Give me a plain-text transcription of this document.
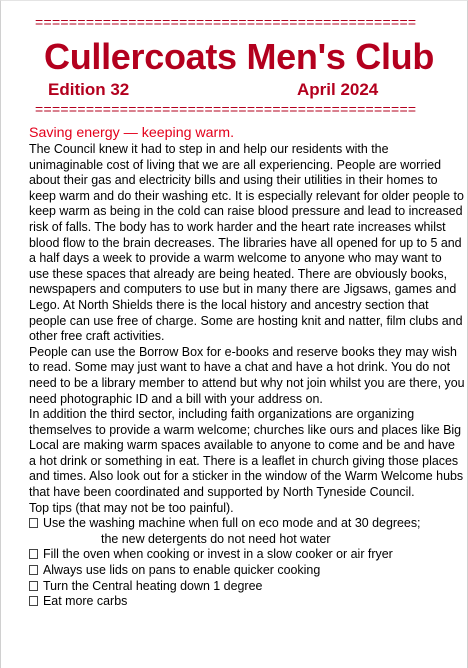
=============================================
Cullercoats Men's Club
Edition 32	April 2024
=============================================

Saving energy — keeping warm.

The Council knew it had to step in and help our residents with the unimaginable cost of living that we are all experiencing. People are worried about their gas and electricity bills and using their utilities in their homes to keep warm and do their washing etc. It is especially relevant for older people to keep warm as being in the cold can raise blood pressure and lead to increased risk of falls. The body has to work harder and the heart rate increases whilst blood flow to the brain decreases. The libraries have all opened for up to 5 and a half days a week to provide a warm welcome to anyone who may want to use these spaces that already are being heated. There are obviously books, newspapers and computers to use but in many there are Jigsaws, games and Lego. At North Shields there is the local history and ancestry section that people can use free of charge. Some are hosting knit and natter, film clubs and other free craft activities.

People can use the Borrow Box for e-books and reserve books they may wish to read. Some may just want to have a chat and have a hot drink. You do not need to be a library member to attend but why not join whilst you are there, you need photographic ID and a bill with your address on.

In addition the third sector, including faith organizations are organizing themselves to provide a warm welcome; churches like ours and places like Big Local are making warm spaces available to anyone to come and be and have a hot drink or something in eat. There is a leaflet in church giving those places and times. Also look out for a sticker in the window of the Warm Welcome hubs that have been coordinated and supported by North Tyneside Council.

Top tips (that may not be too painful).

Use the washing machine when full on eco mode and at 30 degrees;the new detergents do not need hot water
Fill the oven when cooking or invest in a slow cooker or air fryer
Always use lids on pans to enable quicker cooking
Turn the Central heating down 1 degree
Eat more carbs
